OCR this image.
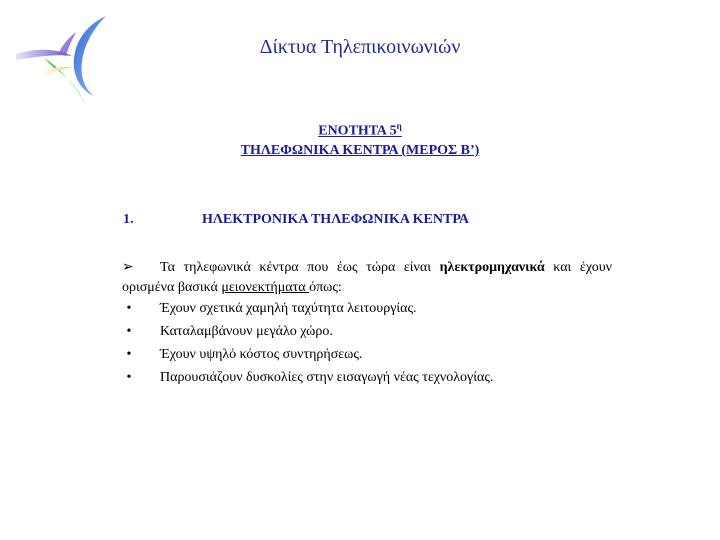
Δίκτυα Τηλεπικοινωνιών
ΕΝΟΤΗΤΑ $5^\eta$
ΤΗΛΕΦΩΝΙΚΑ ΚΕΝΤΡΑ (ΜΕΡΟΣ Β’)
1.	ΗΛΕΚΤΡΟΝΙΚΑ ΤΗΛΕΦΩΝΙΚΑ ΚΕΝΤΡΑ
➢ Τα τηλεφωνικά κέντρα που έως τώρα είναι ηλεκτρομηχανικά και έχουν ορισμένα βασικά μειονεκτήματα όπως:
•	Έχουν σχετικά χαμηλή ταχύτητα λειτουργίας.
•	Καταλαμβάνουν μεγάλο χώρο.
•	Έχουν υψηλό κόστος συντηρήσεως.
•	Παρουσιάζουν δυσκολίες στην εισαγωγή νέας τεχνολογίας.
